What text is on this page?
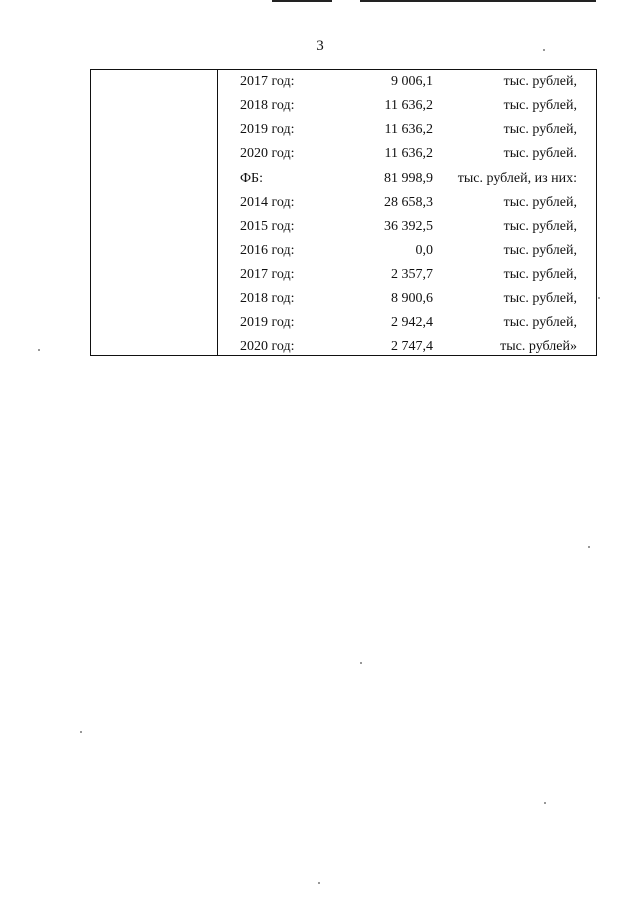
3
2017 год:	9 006,1	тыс. рублей,
2018 год:	11 636,2	тыс. рублей,
2019 год:	11 636,2	тыс. рублей,
2020 год:	11 636,2	тыс. рублей.
ФБ:	81 998,9	тыс. рублей, из них:
2014 год:	28 658,3	тыс. рублей,
2015 год:	36 392,5	тыс. рублей,
2016 год:	0,0	тыс. рублей,
2017 год:	2 357,7	тыс. рублей,
2018 год:	8 900,6	тыс. рублей,
2019 год:	2 942,4	тыс. рублей,
2020 год:	2 747,4	тыс. рублей»
